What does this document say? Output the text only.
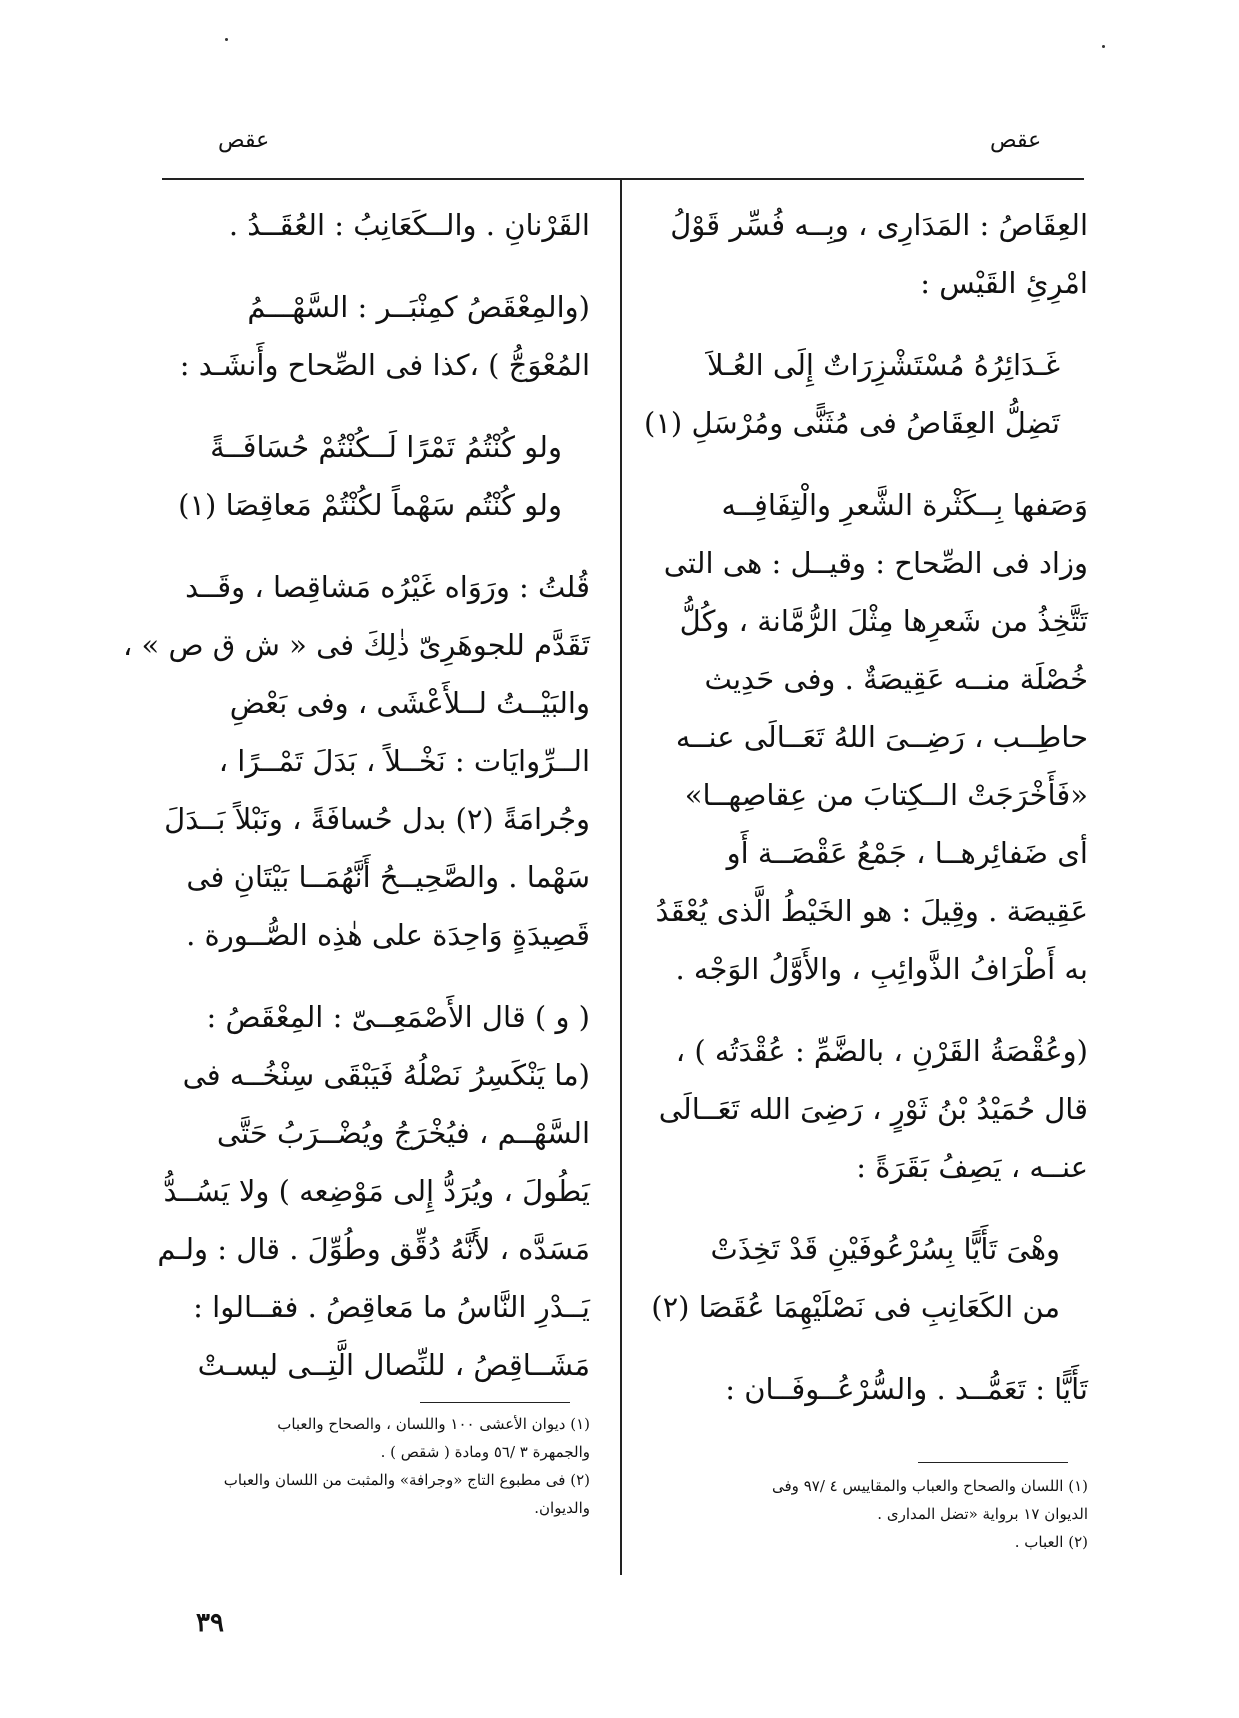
عقص
عقص
العِقَاصُ : المَدَارِى ، وبِــه فُسِّر قَوْلُ
امْرِئِ القَيْس :
غَـدَائِرُهُ مُسْتَشْزِرَاتٌ إِلَى العُـلاَ
تَضِلُّ العِقَاصُ فى مُثَنًّى ومُرْسَلِ (١)
وَصَفها بِــكَثْرة الشَّعرِ والْتِفَافِــه
وزاد فى الصِّحاح : وقيــل : هى التى
تَتَّخِذُ من شَعرِها مِثْلَ الرُّمَّانة ، وكُلُّ
خُصْلَة منــه عَقِيصَةٌ . وفى حَدِيث
حاطِــب ، رَضِــىَ اللهُ تَعَــالَى عنــه
«فَأَخْرَجَتْ الــكِتابَ من عِقاصِهــا»
أى ضَفائِرهــا ، جَمْعُ عَقْصَــة أَو
عَقِيصَة . وقِيلَ : هو الخَيْطُ الَّذى يُعْقَدُ
به أَطْرَافُ الذَّوائِبِ ، والأَوَّلُ الوَجْه .
(وعُقْصَةُ القَرْنِ ، بالضَّمِّ : عُقْدَتُه ) ،
قال حُمَيْدُ بْنُ ثَوْرٍ ، رَضِىَ الله تَعَــالَى
عنــه ، يَصِفُ بَقَرَةً :
وهْىَ تَأَيًّا بِسُرْعُوفَيْنِ قَدْ تَخِذَتْ
من الكَعَانِبِ فى نَصْلَيْهِمَا عُقَصَا (٢)
تَأَيًّا : تَعَمُّــد . والسُّرْعُــوفَــان :
(١) اللسان والصحاح والعباب والمقاييس ٤ /٩٧ وفى
الديوان ١٧ برواية «تضل المدارى .
(٢) العباب .
القَرْنانِ . والــكَعَانِبُ : العُقَــدُ .
(والمِعْقَصُ كمِنْبَــر : السَّهْـــمُ
المُعْوَجُّ ) ،كذا فى الصِّحاح وأَنشَـد :
ولو كُنْتُمُ تَمْرًا لَــكُنْتُمْ حُسَافَــةً
ولو كُنْتُم سَهْماً لكُنْتُمْ مَعاقِصَا (١)
قُلتُ : ورَوَاه غَيْرُه مَشاقِصا ، وقَــد
تَقَدَّم للجوهَرِىّ ذٰلِكَ فى « ش ق ص » ،
والبَيْــتُ لــلأَعْشَى ، وفى بَعْضِ
الــرِّوايَات : نَخْــلاً ، بَدَلَ تَمْــرًا ،
وجُرامَةً (٢) بدل حُسافَةً ، ونَبْلاً بَــدَلَ
سَهْما . والصَّحِيــحُ أَنَّهُمَــا بَيْتَانِ فى
قَصِيدَةٍ وَاحِدَة على هٰذِه الصُّــورة .
( و ) قال الأَصْمَعِــىّ : المِعْقَصُ :
(ما يَنْكَسِرُ نَصْلُهُ فَيَبْقَى سِنْخُــه فى
السَّهْــم ، فيُخْرَجُ ويُضْــرَبُ حَتَّى
يَطُولَ ، ويُرَدُّ إِلى مَوْضِعه ) ولا يَسُــدُّ
مَسَدَّه ، لأَنَّهُ دُقِّق وطُوِّلَ . قال : ولـم
يَــدْرِ النَّاسُ ما مَعاقِصُ . فقــالوا :
مَشَــاقِصُ ، للنِّصال الَّتِــى ليسـتْ
(١) ديوان الأعشى ١٠٠ واللسان ، والصحاح والعباب
والجمهرة ٣ /٥٦ ومادة ( شقص ) .
(٢) فى مطبوع التاج «وجرافة» والمثبت من اللسان والعباب
والديوان.
٣٩
